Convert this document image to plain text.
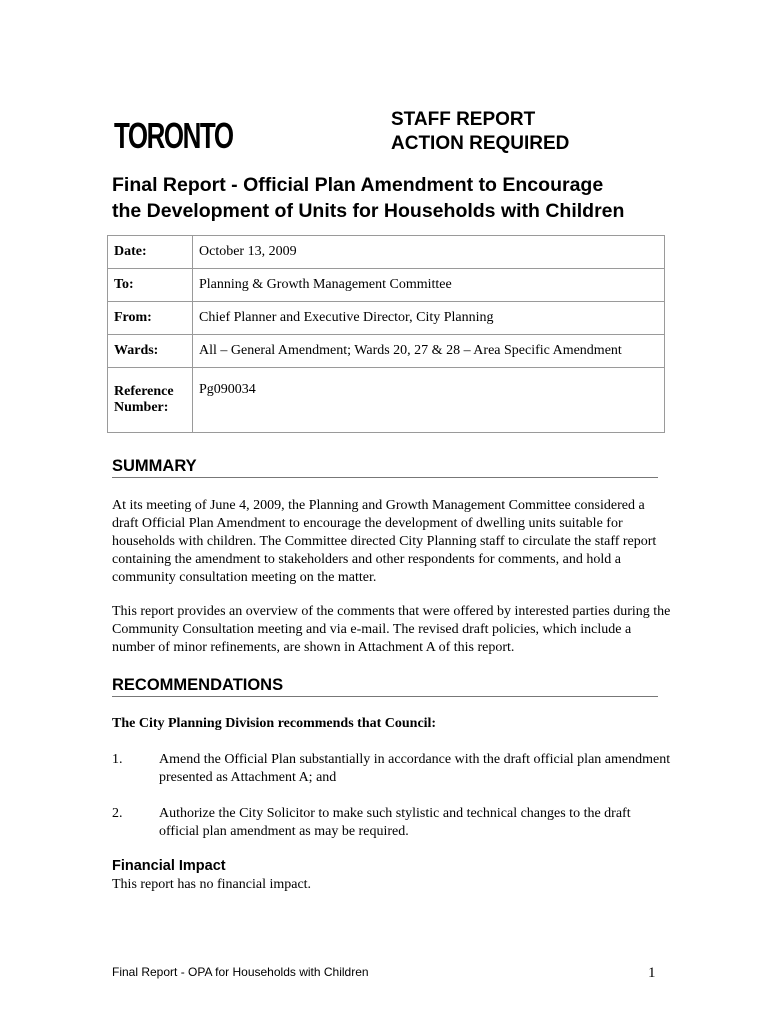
TORONTO	STAFF REPORT
ACTION REQUIRED
Final Report - Official Plan Amendment to Encourage
the Development of Units for Households with Children
Date:	October 13, 2009
To:	Planning & Growth Management Committee
From:	Chief Planner and Executive Director, City Planning
Wards:	All – General Amendment; Wards 20, 27 & 28 – Area Specific Amendment

Reference
Number:	Pg090034
SUMMARY

At its meeting of June 4, 2009, the Planning and Growth Management Committee considered a draft Official Plan Amendment to encourage the development of dwelling units suitable for households with children. The Committee directed City Planning staff to circulate the staff report containing the amendment to stakeholders and other respondents for comments, and hold a community consultation meeting on the matter.

This report provides an overview of the comments that were offered by interested parties during the Community Consultation meeting and via e-mail. The revised draft policies, which include a number of minor refinements, are shown in Attachment A of this report.

RECOMMENDATIONS

The City Planning Division recommends that Council:

1.	Amend the Official Plan substantially in accordance with the draft official plan amendment presented as Attachment A; and
2.	Authorize the City Solicitor to make such stylistic and technical changes to the draft official plan amendment as may be required.
Financial Impact

This report has no financial impact.

Final Report - OPA for Households with Children	1
